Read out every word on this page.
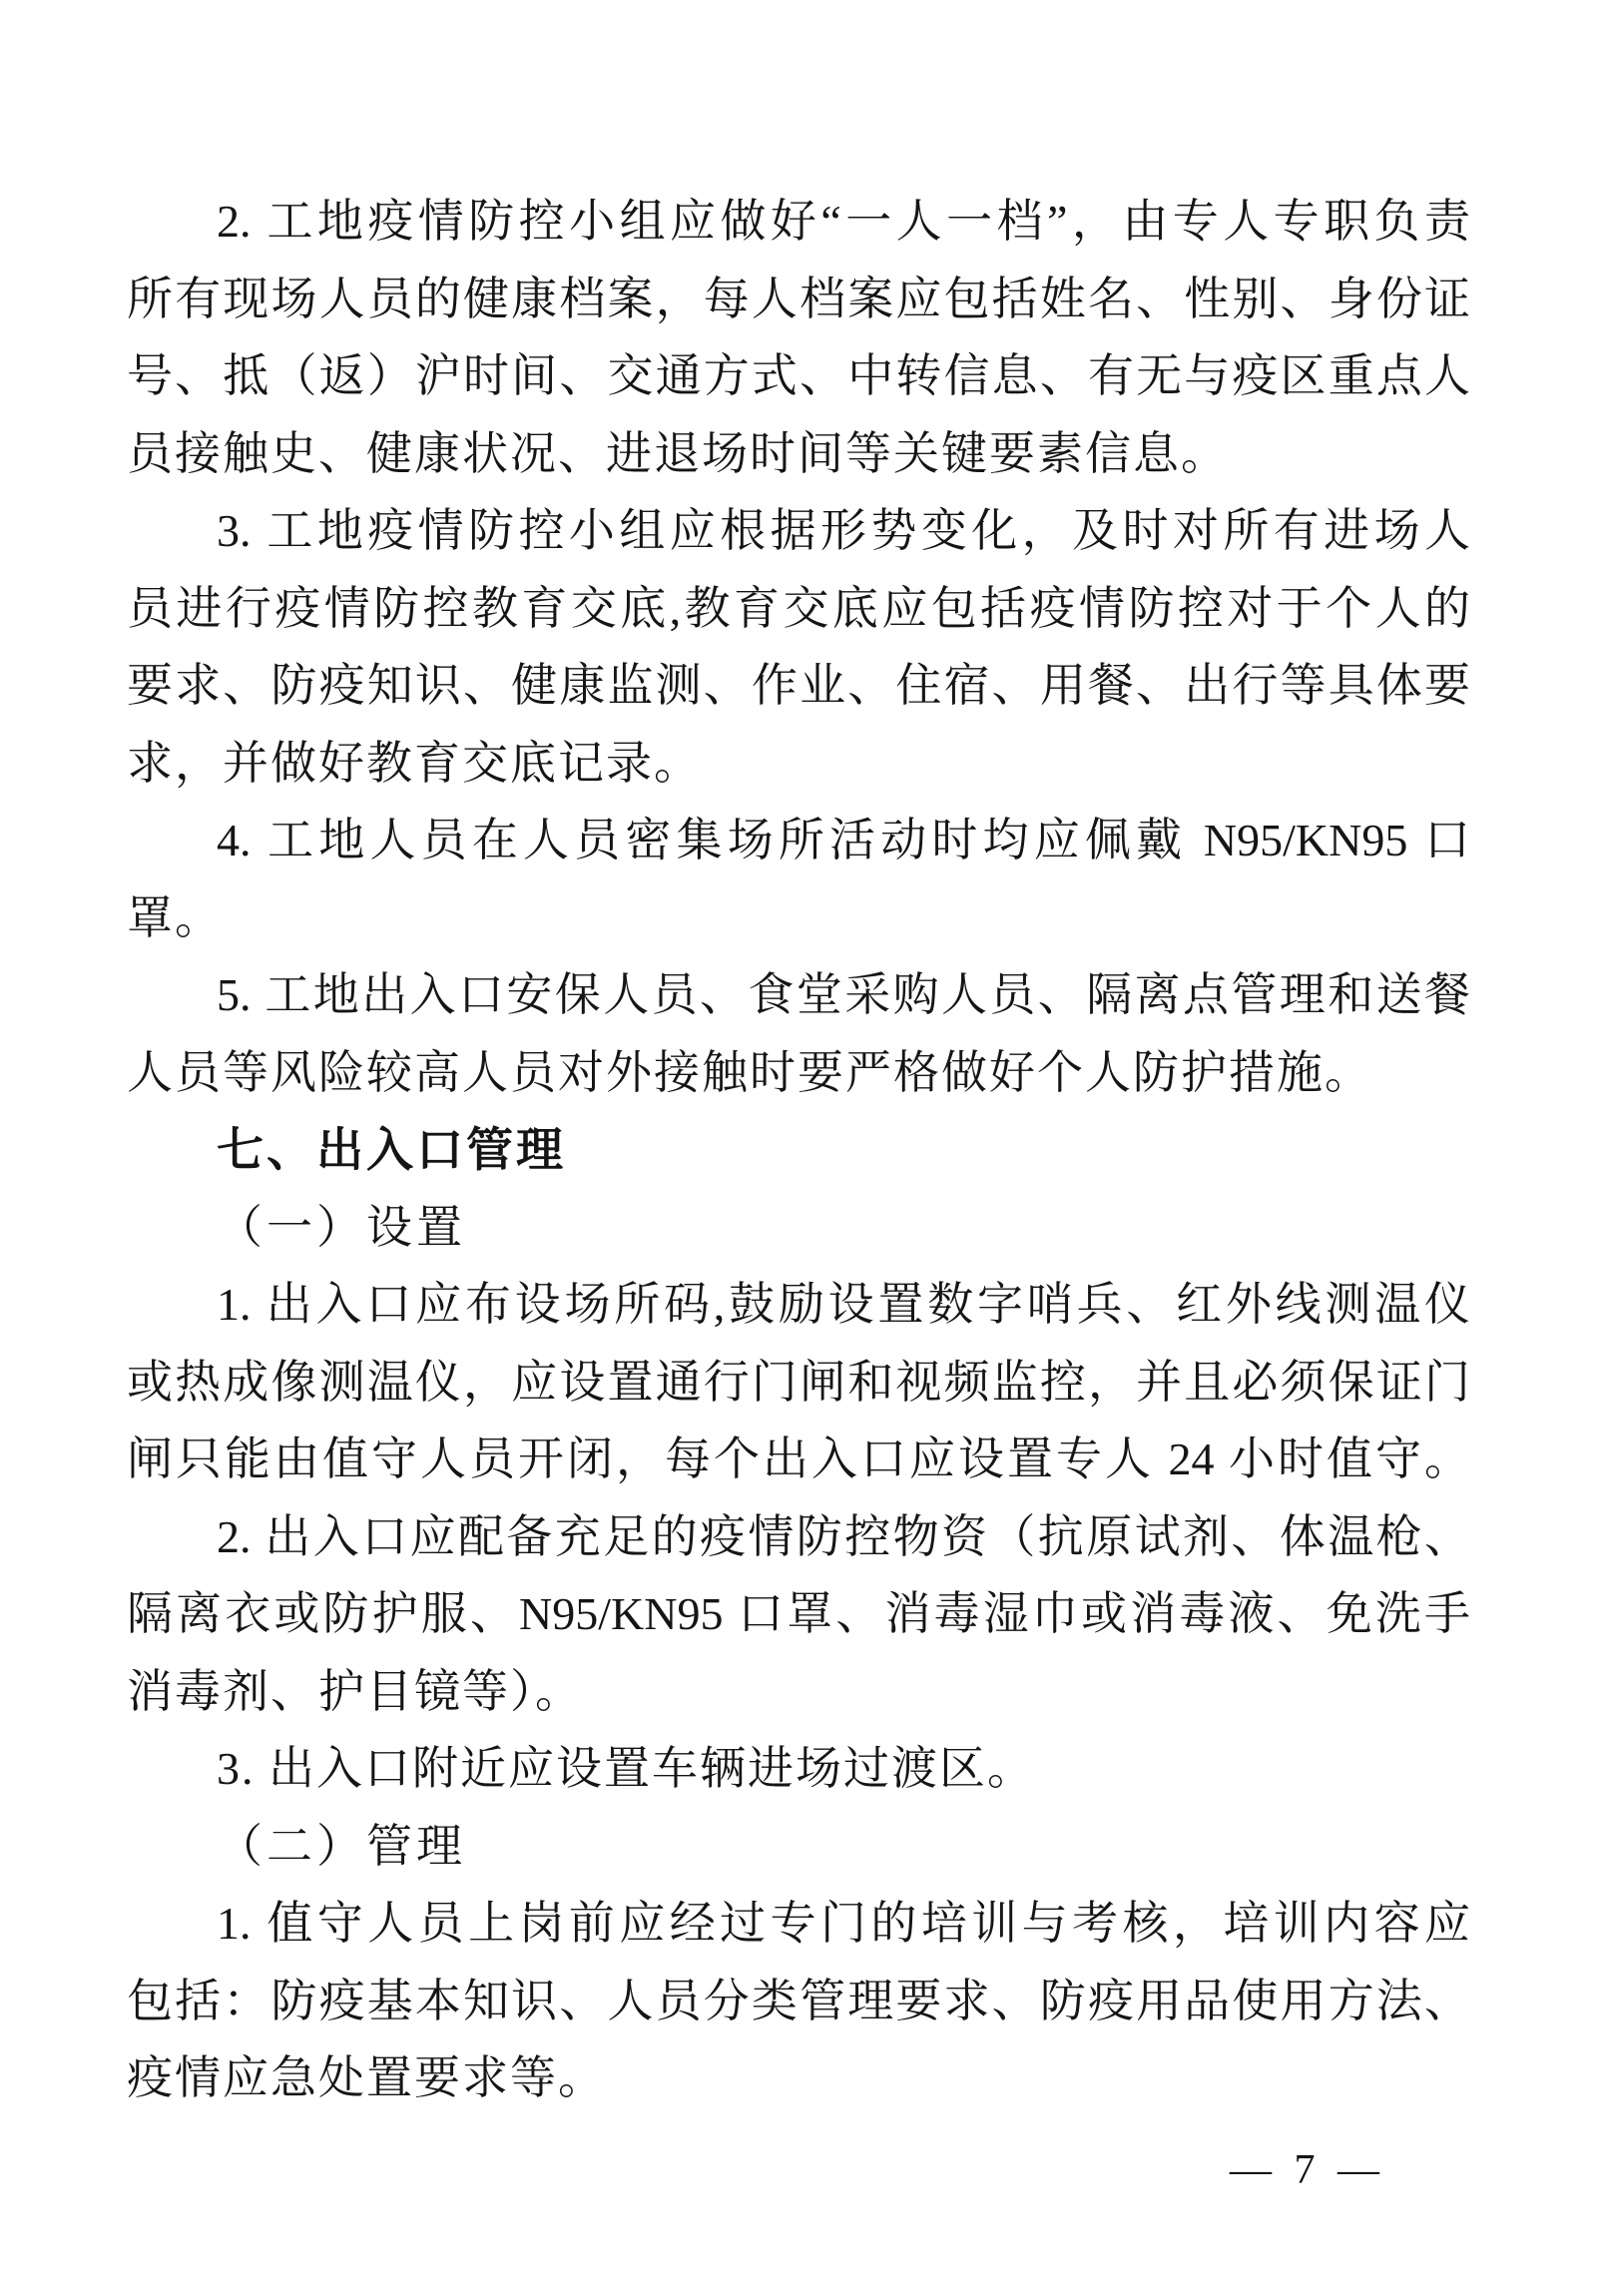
2. 工地疫情防控小组应做好“一人一档”，由专人专职负责
所有现场人员的健康档案，每人档案应包括姓名、性别、身份证
号、抵（返）沪时间、交通方式、中转信息、有无与疫区重点人
员接触史、健康状况、进退场时间等关键要素信息。
3. 工地疫情防控小组应根据形势变化，及时对所有进场人
员进行疫情防控教育交底,教育交底应包括疫情防控对于个人的
要求、防疫知识、健康监测、作业、住宿、用餐、出行等具体要
求，并做好教育交底记录。
4. 工地人员在人员密集场所活动时均应佩戴 N95/KN95 口
罩。
5. 工地出入口安保人员、食堂采购人员、隔离点管理和送餐
人员等风险较高人员对外接触时要严格做好个人防护措施。
七、出入口管理
（一）设置
1. 出入口应布设场所码,鼓励设置数字哨兵、红外线测温仪
或热成像测温仪，应设置通行门闸和视频监控，并且必须保证门
闸只能由值守人员开闭，每个出入口应设置专人 24 小时值守。
2. 出入口应配备充足的疫情防控物资（抗原试剂、体温枪、
隔离衣或防护服、N95/KN95 口罩、消毒湿巾或消毒液、免洗手
消毒剂、护目镜等）。
3. 出入口附近应设置车辆进场过渡区。
（二）管理
1. 值守人员上岗前应经过专门的培训与考核，培训内容应
包括：防疫基本知识、人员分类管理要求、防疫用品使用方法、
疫情应急处置要求等。
— 7 —
